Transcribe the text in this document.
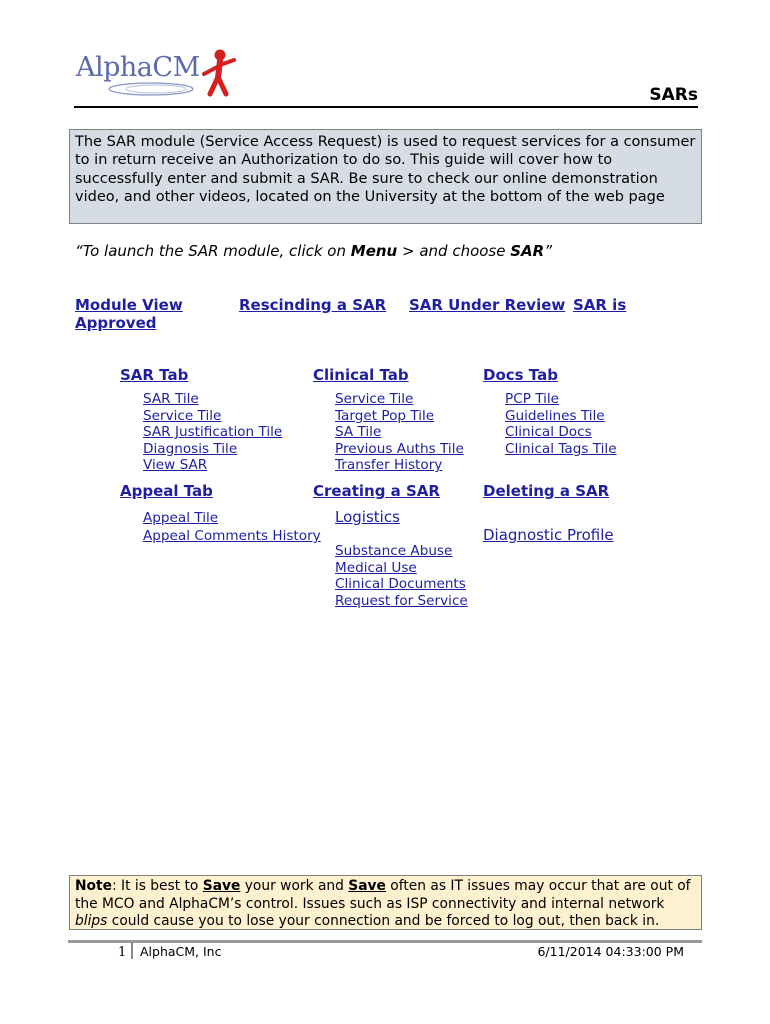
AlphaCM
SARs
The SAR module (Service Access Request) is used to request services for a consumer to in return receive an Authorization to do so. This guide will cover how to successfully enter and submit a SAR. Be sure to check our online demonstration video, and other videos, located on the University at the bottom of the web page
“To launch the SAR module, click on Menu > and choose SAR”
Module View	Rescinding a SAR SAR Under Review SAR is
Approved
SAR Tab
SAR Tile
Service Tile
SAR Justification Tile
Diagnosis Tile
View SAR
Clinical Tab
Service Tile
Target Pop Tile
SA Tile
Previous Auths Tile
Transfer History
Docs Tab
PCP Tile
Guidelines Tile
Clinical Docs
Clinical Tags Tile
Appeal Tab
Appeal Tile
Appeal Comments History
Creating a SAR
Logistics
Substance Abuse
Medical Use
Clinical Documents
Request for Service
Deleting a SAR
Diagnostic Profile
Note: It is best to Save your work and Save often as IT issues may occur that are out of the MCO and AlphaCM’s control. Issues such as ISP connectivity and internal network blips could cause you to lose your connection and be forced to log out, then back in.
1 AlphaCM, Inc	6/11/2014 04:33:00 PM
